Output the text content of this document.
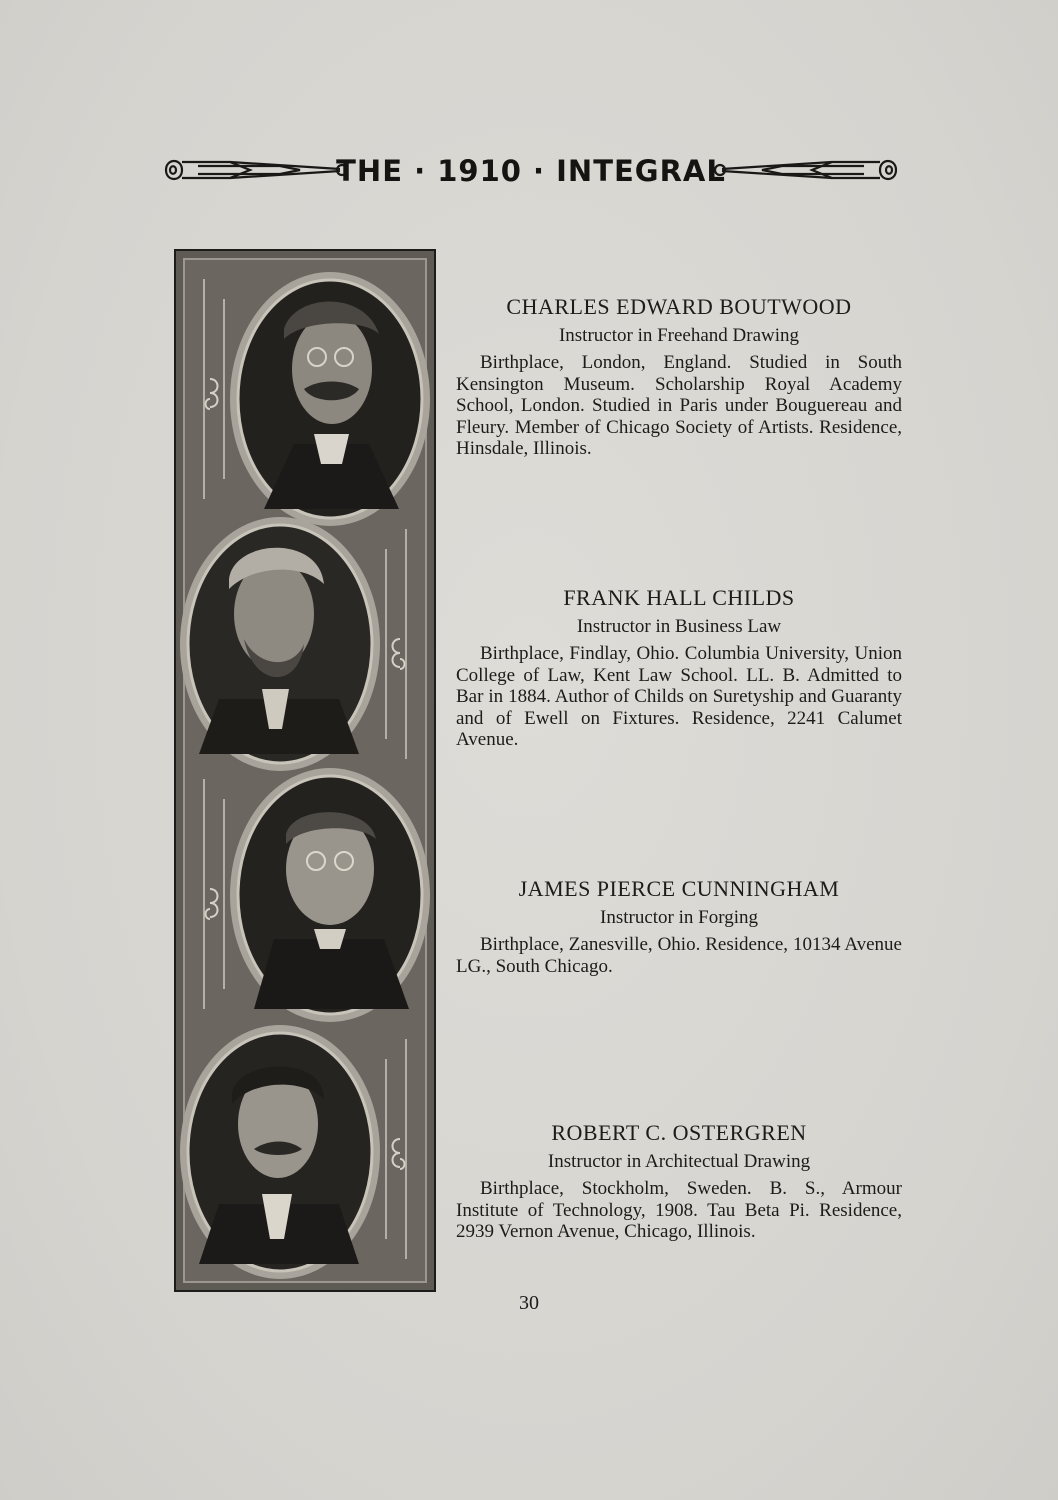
THE · 1910 · INTEGRAL

CHARLES EDWARD BOUTWOOD

Instructor in Freehand Drawing

Birthplace, London, England. Studied in South Kensington Museum. Scholarship Royal Academy School, London. Studied in Paris under Bouguereau and Fleury. Member of Chicago Society of Artists. Residence, Hinsdale, Illinois.

FRANK HALL CHILDS

Instructor in Business Law

Birthplace, Findlay, Ohio. Columbia University, Union College of Law, Kent Law School. LL. B. Admitted to Bar in 1884. Author of Childs on Suretyship and Guaranty and of Ewell on Fixtures. Residence, 2241 Calumet Avenue.

JAMES PIERCE CUNNINGHAM

Instructor in Forging

Birthplace, Zanesville, Ohio. Residence, 10134 Avenue LG., South Chicago.

ROBERT C. OSTERGREN

Instructor in Architectual Drawing

Birthplace, Stockholm, Sweden. B. S., Armour Institute of Technology, 1908. Tau Beta Pi. Residence, 2939 Vernon Avenue, Chicago, Illinois.

30
